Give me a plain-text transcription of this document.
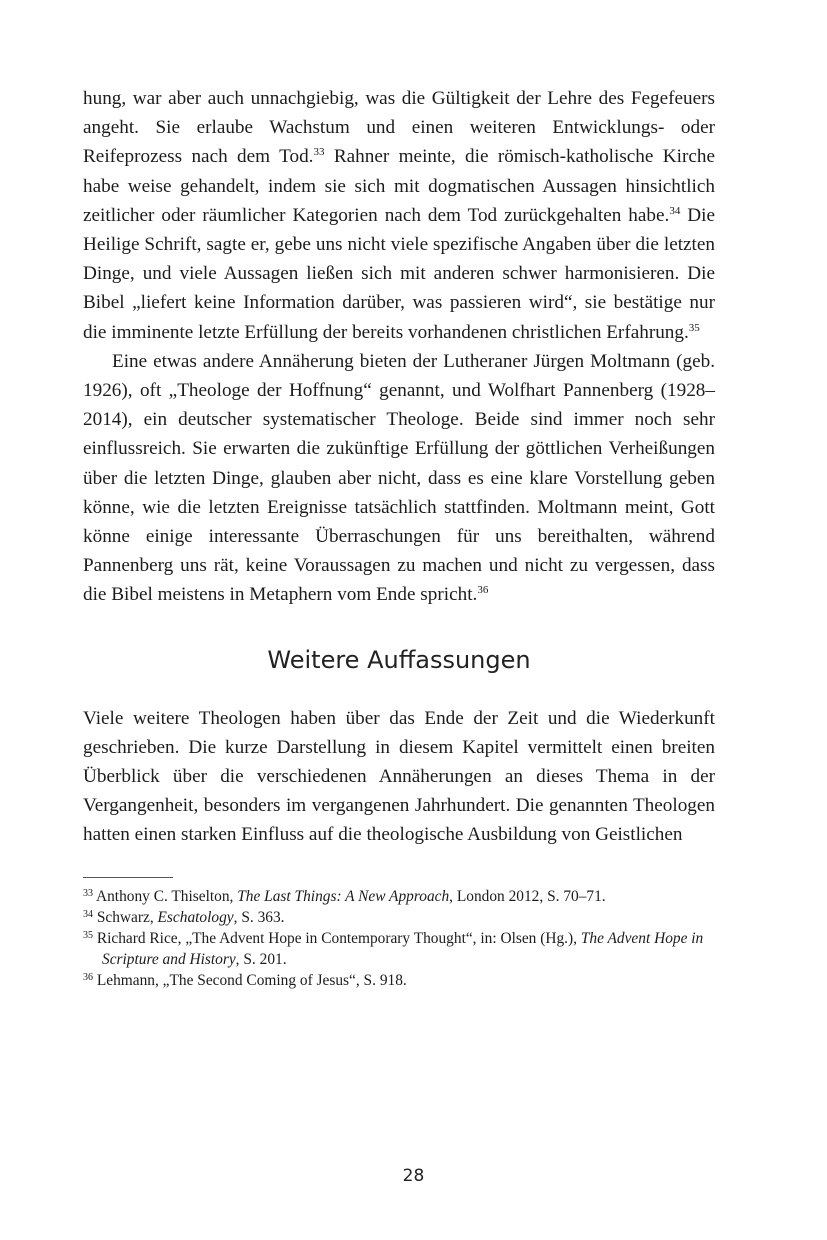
hung, war aber auch unnachgiebig, was die Gültigkeit der Lehre des Fegefeuers angeht. Sie erlaube Wachstum und einen weiteren Entwicklungs- oder Reifeprozess nach dem Tod.$^{33}$ Rahner meinte, die römisch-katholische Kirche habe weise gehandelt, indem sie sich mit dogmatischen Aussagen hinsichtlich zeitlicher oder räumlicher Kategorien nach dem Tod zurückgehalten habe.$^{34}$ Die Heilige Schrift, sagte er, gebe uns nicht viele spezifische Angaben über die letzten Dinge, und viele Aussagen ließen sich mit anderen schwer harmonisieren. Die Bibel „liefert keine Information darüber, was passieren wird“, sie bestätige nur die imminente letzte Erfüllung der bereits vorhandenen christlichen Erfahrung.$^{35}$

Eine etwas andere Annäherung bieten der Lutheraner Jürgen Moltmann (geb. 1926), oft „Theologe der Hoffnung“ genannt, und Wolfhart Pannenberg (1928–2014), ein deutscher systematischer Theologe. Beide sind immer noch sehr einflussreich. Sie erwarten die zukünftige Erfüllung der göttlichen Verheißungen über die letzten Dinge, glauben aber nicht, dass es eine klare Vorstellung geben könne, wie die letzten Ereignisse tatsächlich stattfinden. Moltmann meint, Gott könne einige interessante Überraschungen für uns bereithalten, während Pannenberg uns rät, keine Voraussagen zu machen und nicht zu vergessen, dass die Bibel meistens in Metaphern vom Ende spricht.$^{36}$

Weitere Auffassungen

Viele weitere Theologen haben über das Ende der Zeit und die Wiederkunft geschrieben. Die kurze Darstellung in diesem Kapitel vermittelt einen breiten Überblick über die verschiedenen Annäherungen an dieses Thema in der Vergangenheit, besonders im vergangenen Jahrhundert. Die genannten Theologen hatten einen starken Einfluss auf die theologische Ausbildung von Geistlichen

$^{33}$ Anthony C. Thiselton, The Last Things: A New Approach, London 2012, S. 70–71.

$^{34}$ Schwarz, Eschatology, S. 363.

$^{35}$ Richard Rice, „The Advent Hope in Contemporary Thought“, in: Olsen (Hg.), The Advent Hope in Scripture and History, S. 201.

$^{36}$ Lehmann, „The Second Coming of Jesus“, S. 918.

28
